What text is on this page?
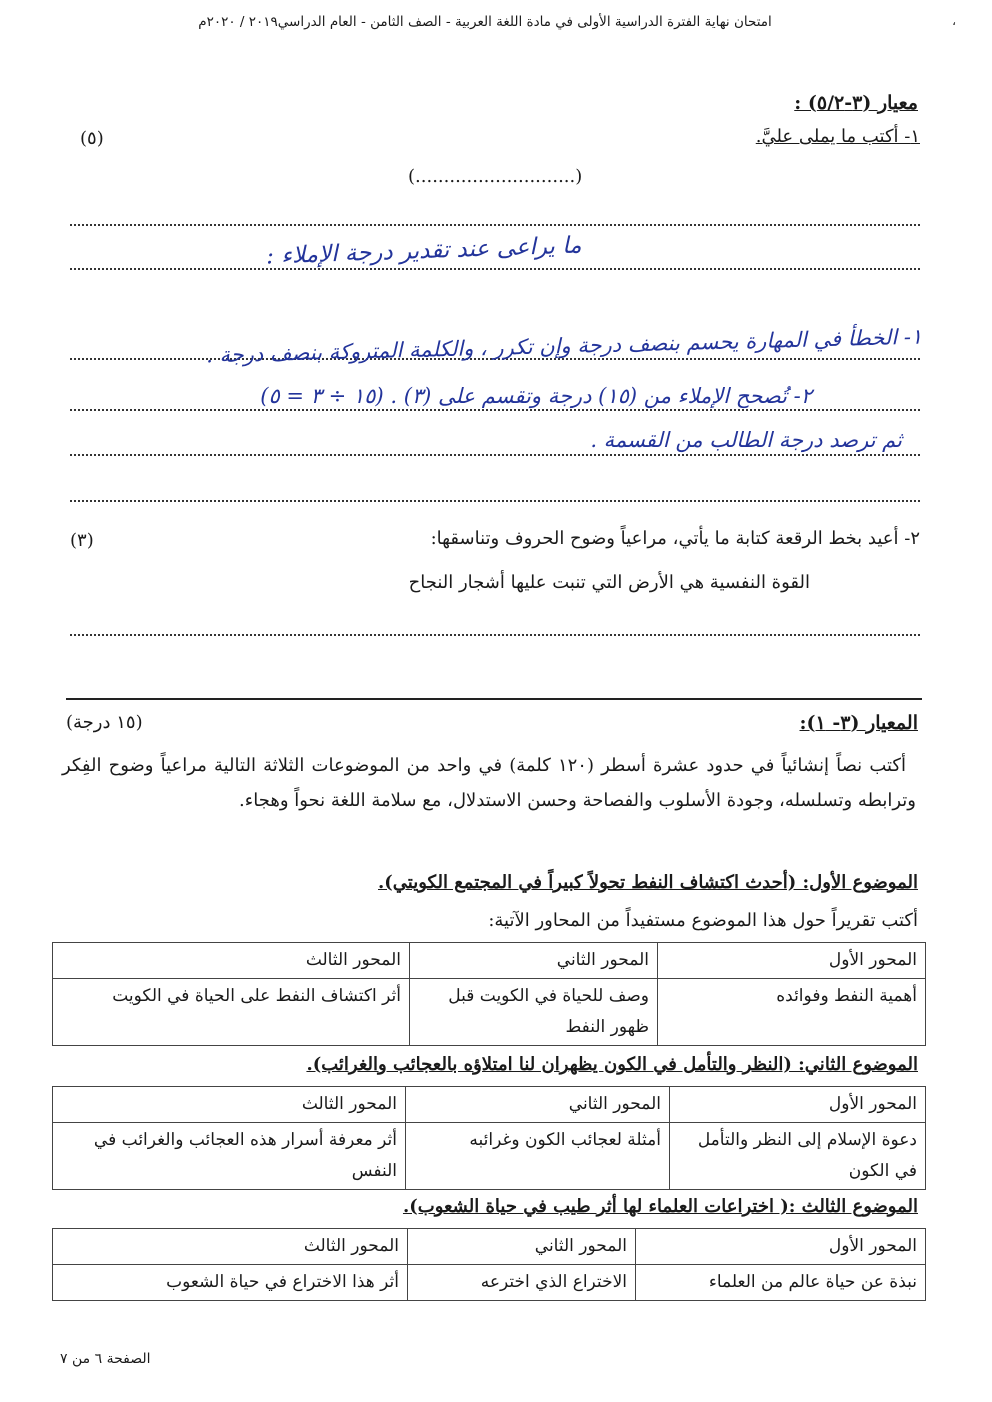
امتحان نهاية الفترة الدراسية الأولى في مادة اللغة العربية - الصف الثامن - العام الدراسي٢٠١٩ / ٢٠٢٠م	،
معيار (٣-٥/٢) :
١- أكتب ما يملى عليَّ.
(٥)
(............................)
ما يراعى عند تقدير درجة الإملاء :
١- الخطأ في المهارة يحسم بنصف درجة وإن تكرر ، والكلمة المتروكة بنصف درجة .
٢- تُصحح الإملاء من (١٥) درجة وتقسم على (٣) . (١٥ ÷ ٣ = ٥)
ثم ترصد درجة الطالب من القسمة .
٢- أعيد بخط الرقعة كتابة ما يأتي، مراعياً وضوح الحروف وتناسقها:
(٣)
القوة النفسية هي الأرض التي تنبت عليها أشجار النجاح
المعيار (٣- ١):
(١٥ درجة)
أكتب نصاً إنشائياً في حدود عشرة أسطر (١٢٠ كلمة) في واحد من الموضوعات الثلاثة التالية مراعياً وضوح الفِكر وترابطه وتسلسله، وجودة الأسلوب والفصاحة وحسن الاستدلال، مع سلامة اللغة نحواً وهجاء.
الموضوع الأول: (أحدث اكتشاف النفط تحولاً كبيراً في المجتمع الكويتي).
أكتب تقريراً حول هذا الموضوع مستفيداً من المحاور الآتية:
المحور الأول	المحور الثاني	المحور الثالث
أهمية النفط وفوائده	وصف للحياة في الكويت قبل ظهور النفط	أثر اكتشاف النفط على الحياة في الكويت
الموضوع الثاني: (النظر والتأمل في الكون يظهران لنا امتلاؤه بالعجائب والغرائب).
المحور الأول	المحور الثاني	المحور الثالث
دعوة الإسلام إلى النظر والتأمل في الكون	أمثلة لعجائب الكون وغرائبه	أثر معرفة أسرار هذه العجائب والغرائب في النفس
الموضوع الثالث :( اختراعات العلماء لها أثر طيب في حياة الشعوب).
المحور الأول	المحور الثاني	المحور الثالث
نبذة عن حياة عالم من العلماء	الاختراع الذي اخترعه	أثر هذا الاختراع في حياة الشعوب
الصفحة ٦ من ٧
